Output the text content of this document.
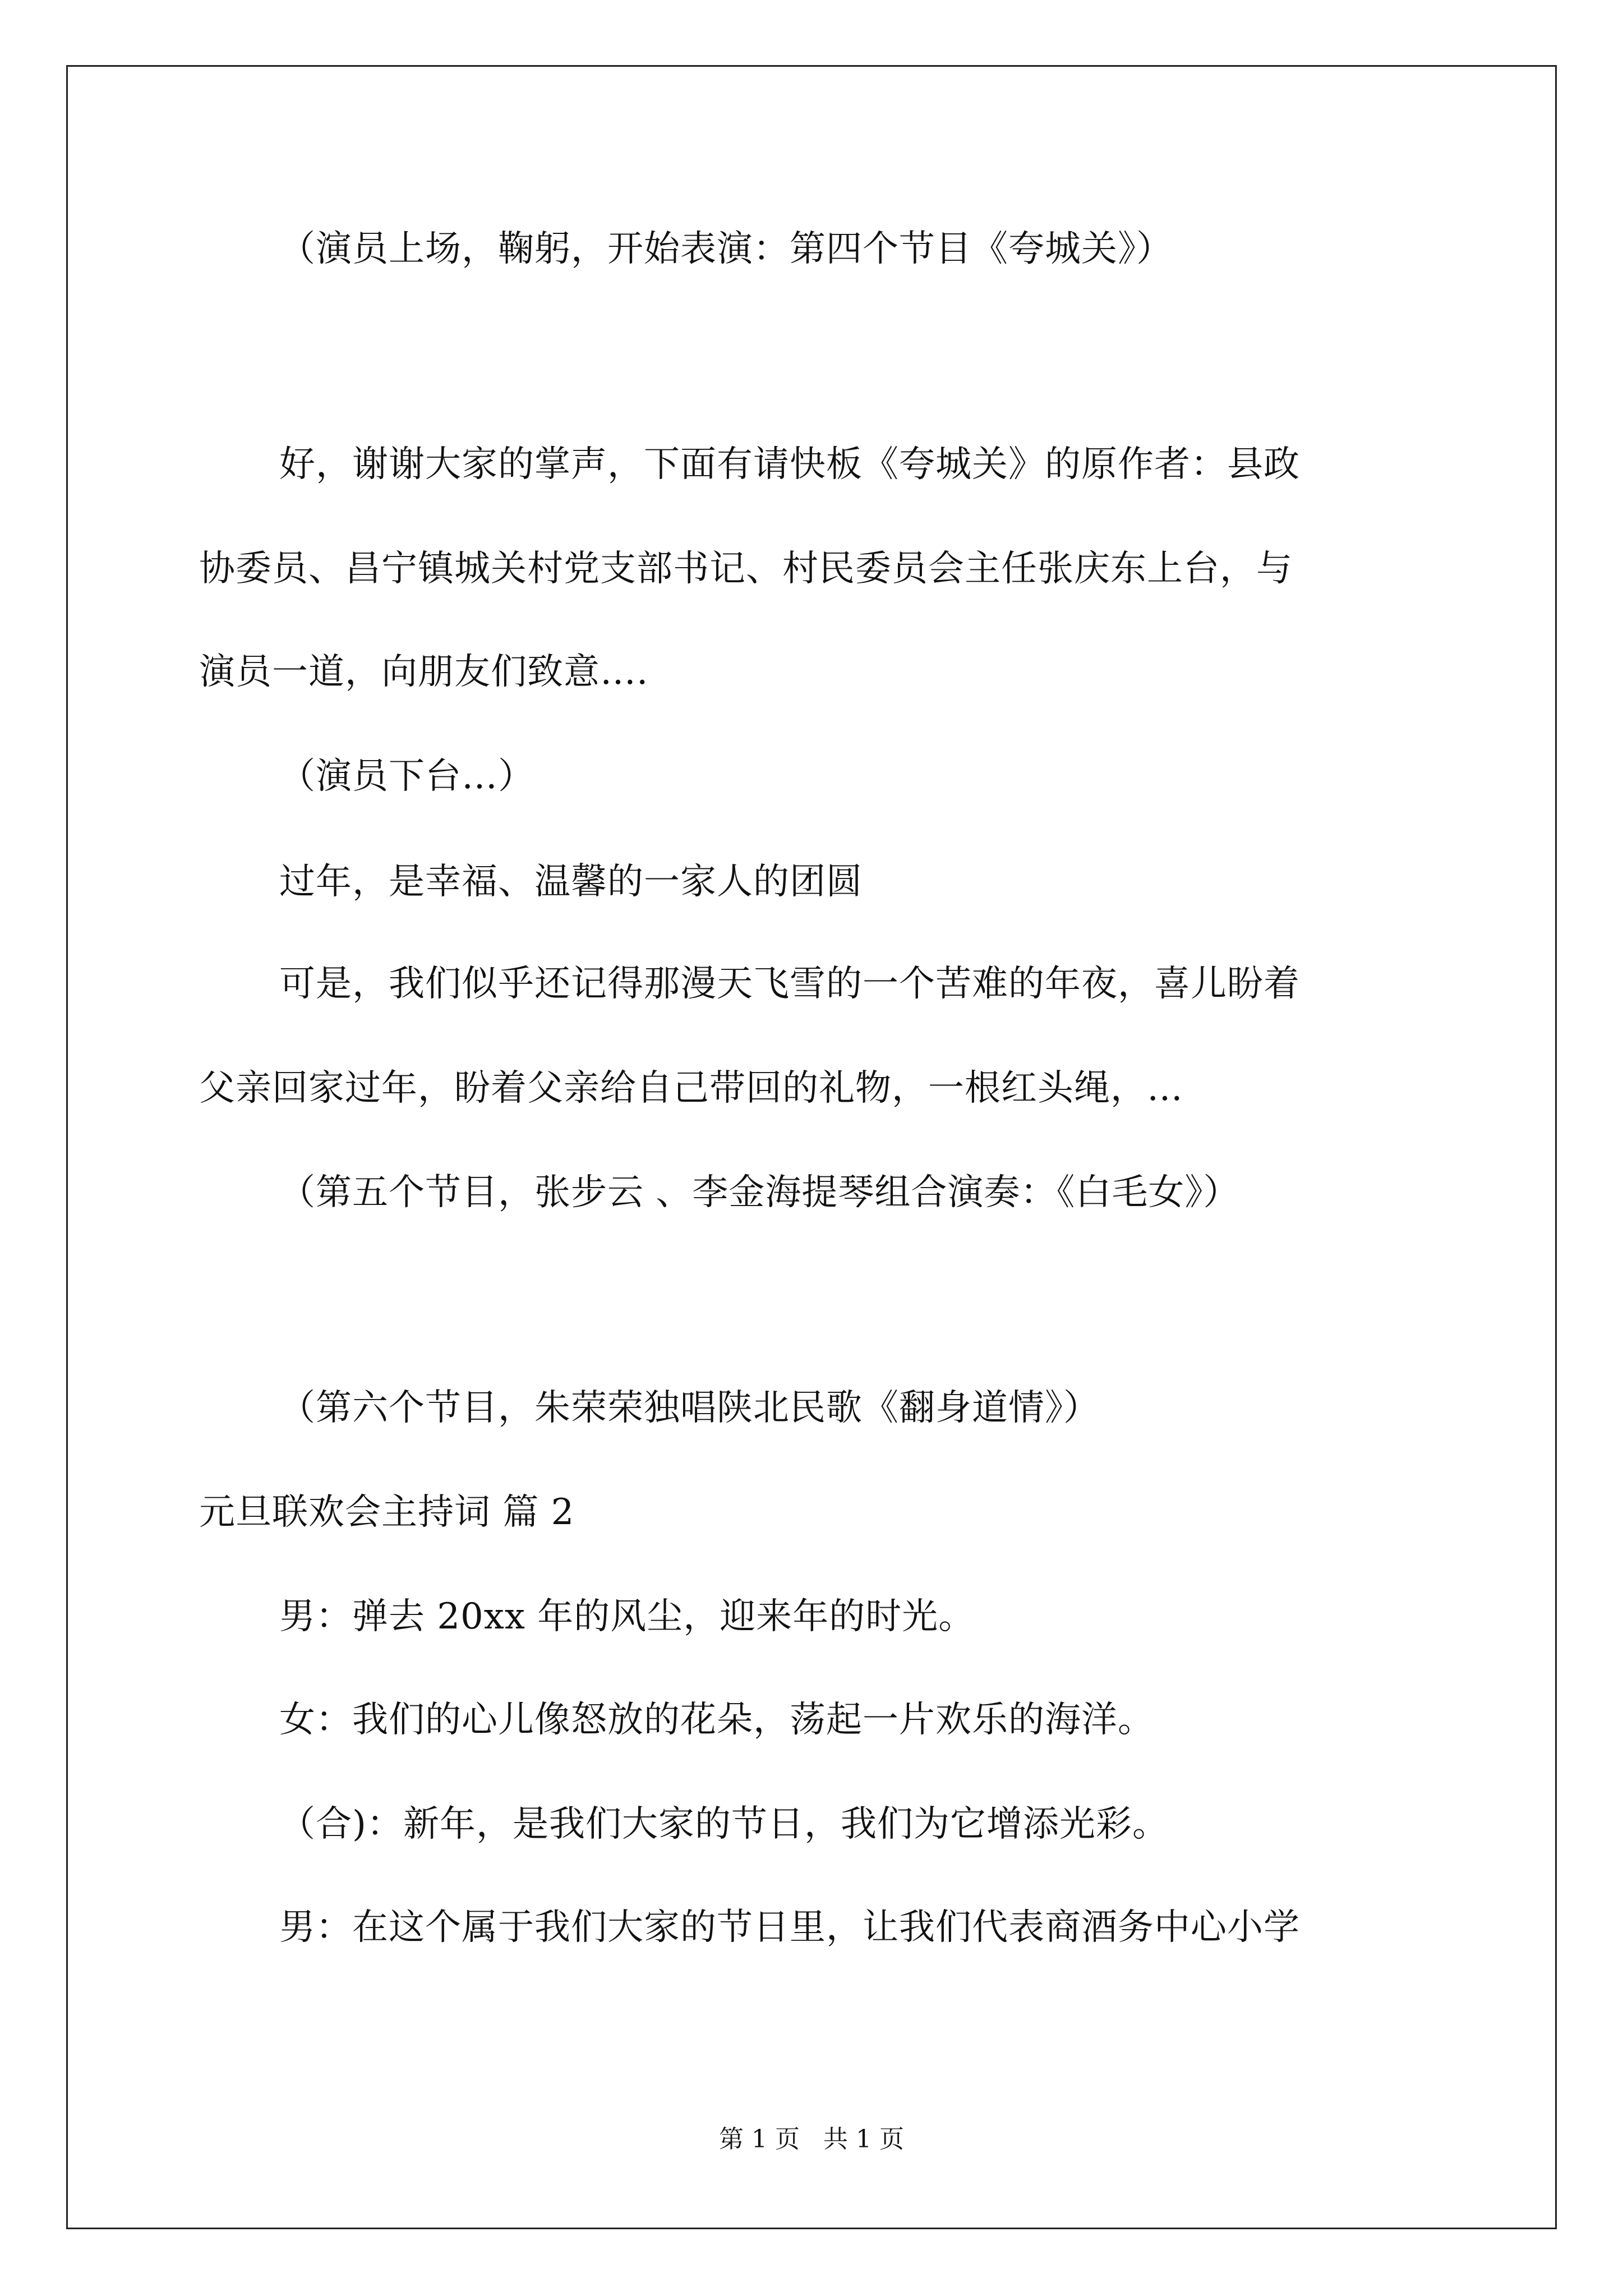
（演员上场，鞠躬，开始表演：第四个节目《夸城关》）
好，谢谢大家的掌声，下面有请快板《夸城关》的原作者：县政
协委员、昌宁镇城关村党支部书记、村民委员会主任张庆东上台，与
演员一道，向朋友们致意….
（演员下台…）
过年，是幸福、温馨的一家人的团圆
可是，我们似乎还记得那漫天飞雪的一个苦难的年夜，喜儿盼着
父亲回家过年，盼着父亲给自己带回的礼物，一根红头绳，…
（第五个节目，张步云 、李金海提琴组合演奏：《白毛女》）
（第六个节目，朱荣荣独唱陕北民歌《翻身道情》）
元旦联欢会主持词 篇 2
男：弹去 20xx 年的风尘，迎来年的时光。
女：我们的心儿像怒放的花朵，荡起一片欢乐的海洋。
（合)：新年，是我们大家的节日，我们为它增添光彩。
男：在这个属于我们大家的节日里，让我们代表商酒务中心小学
第 1 页   共 1 页
